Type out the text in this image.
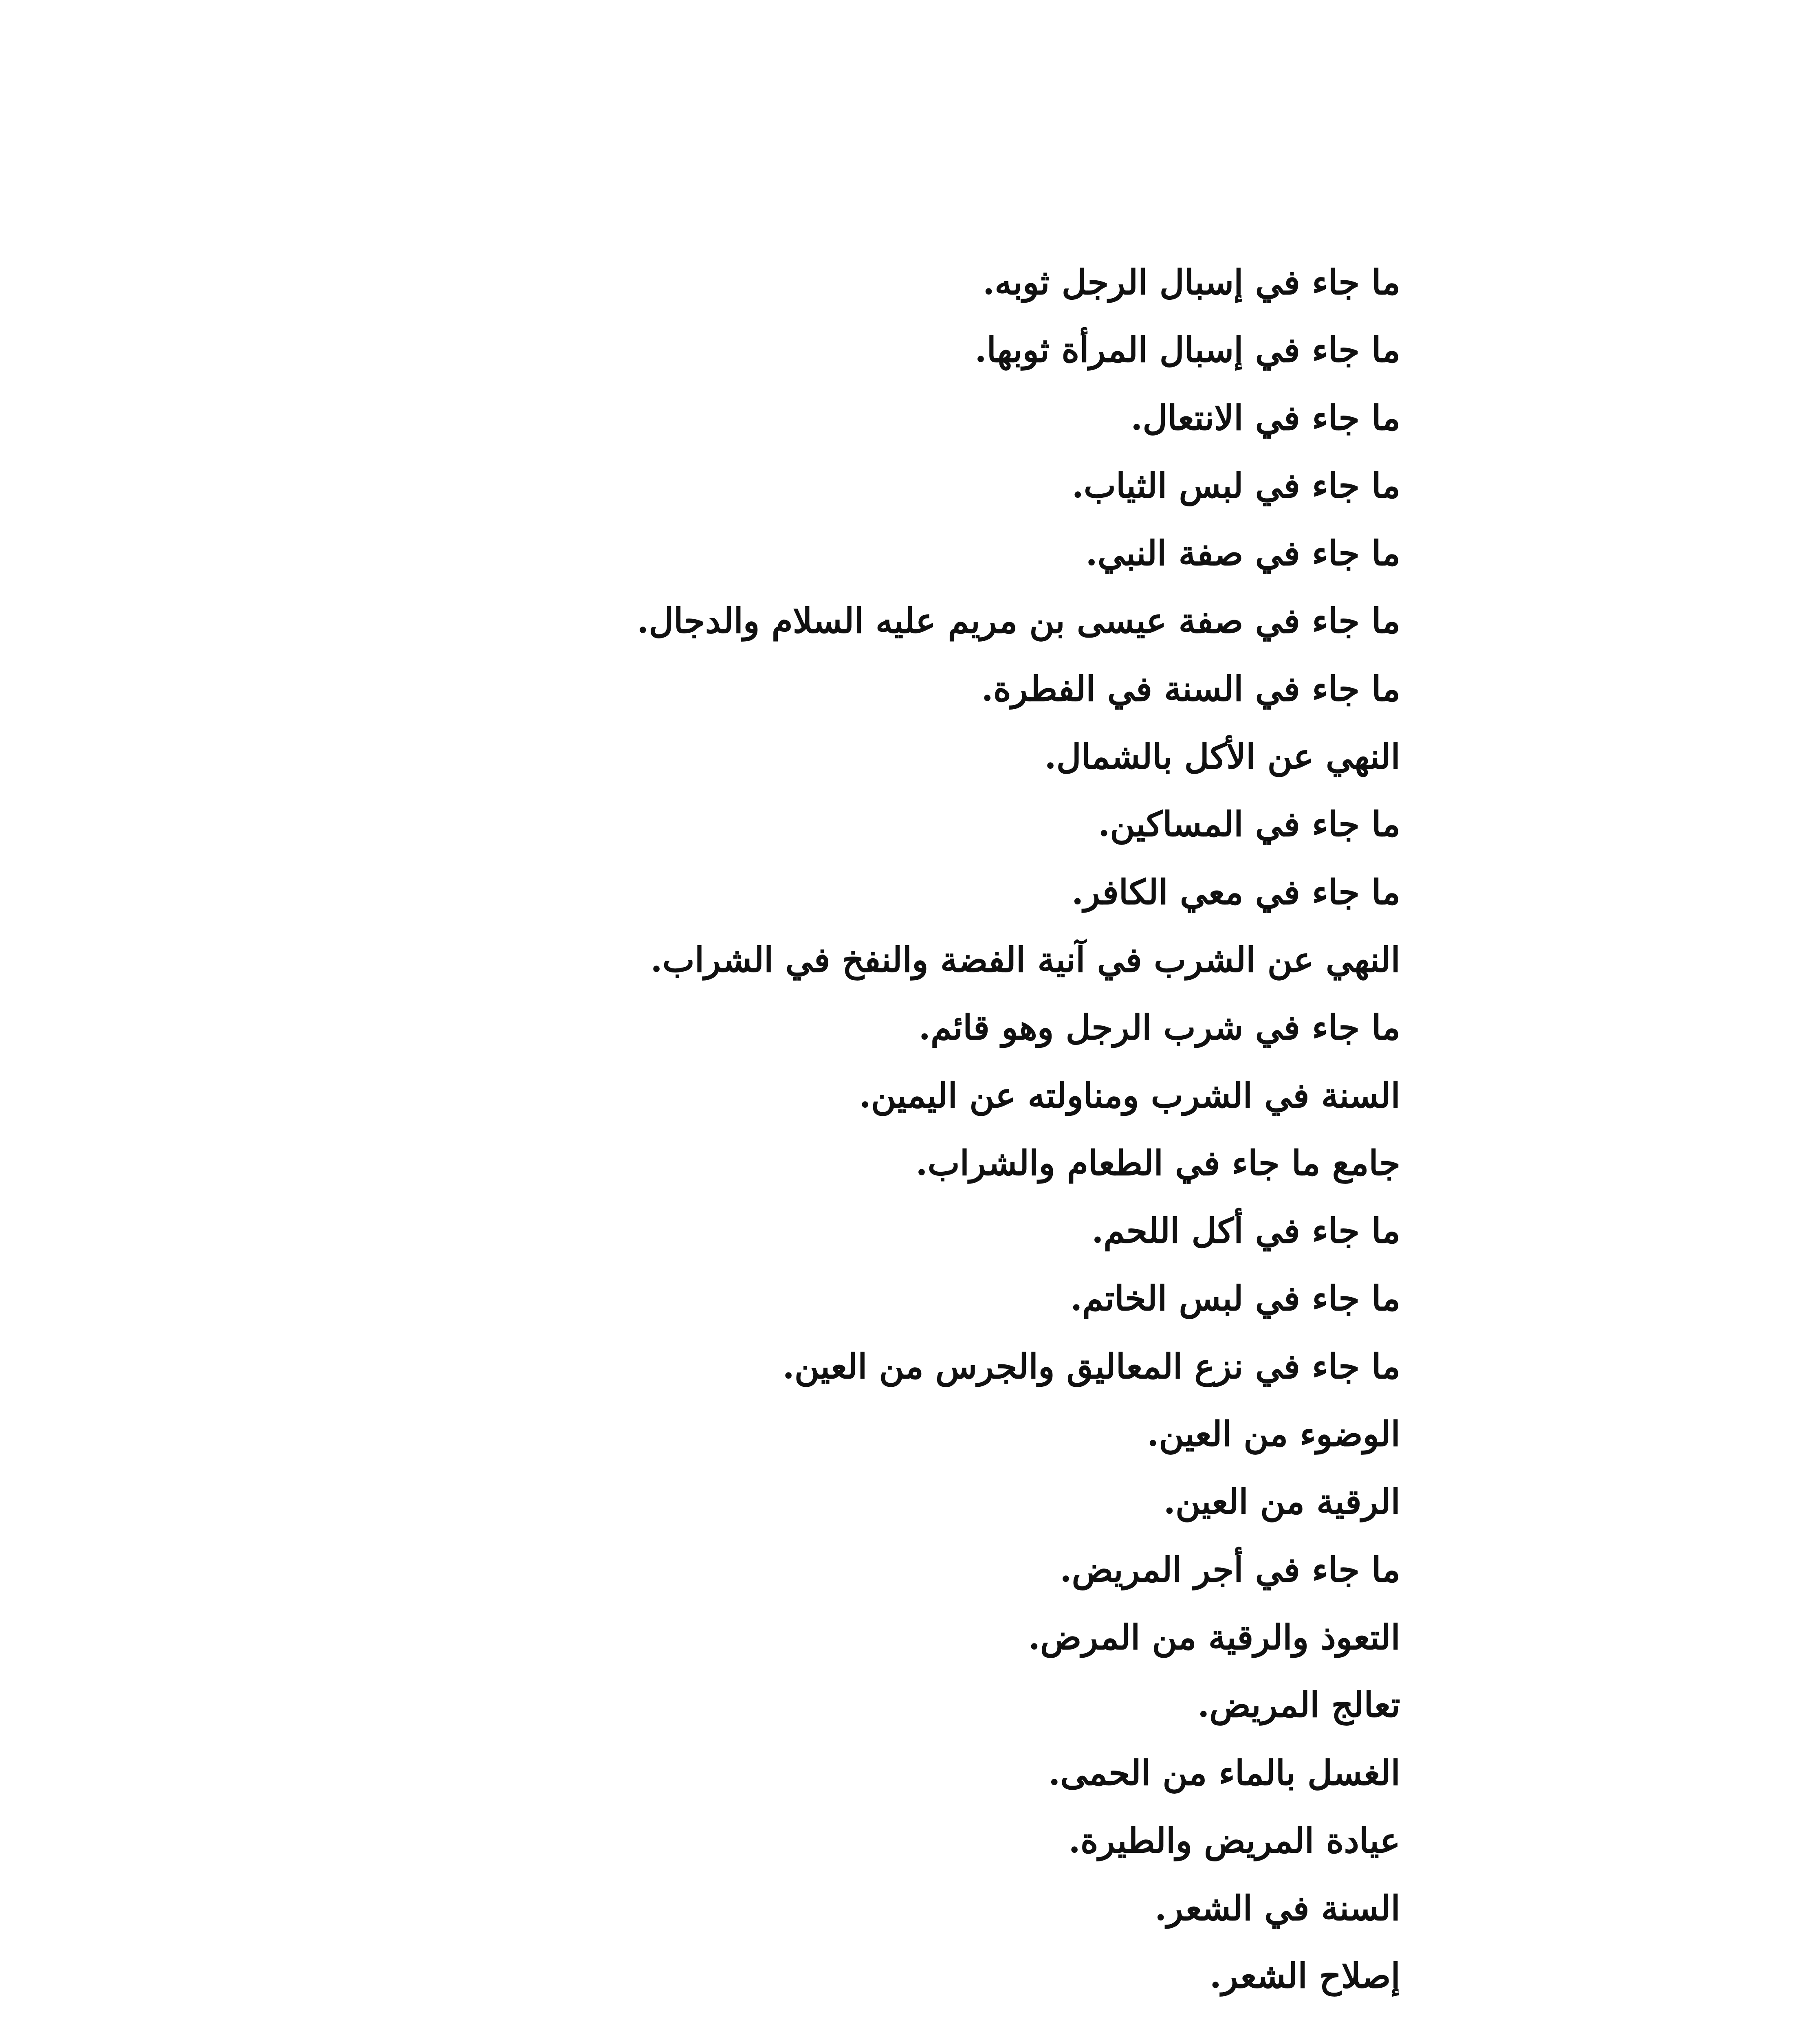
ما جاء في إسبال الرجل ثوبه.
ما جاء في إسبال المرأة ثوبها.
ما جاء في الانتعال.
ما جاء في لبس الثياب.
ما جاء في صفة النبي.
ما جاء في صفة عيسى بن مريم عليه السلام والدجال.
ما جاء في السنة في الفطرة.
النهي عن الأكل بالشمال.
ما جاء في المساكين.
ما جاء في معي الكافر.
النهي عن الشرب في آنية الفضة والنفخ في الشراب.
ما جاء في شرب الرجل وهو قائم.
السنة في الشرب ومناولته عن اليمين.
جامع ما جاء في الطعام والشراب.
ما جاء في أكل اللحم.
ما جاء في لبس الخاتم.
ما جاء في نزع المعاليق والجرس من العين.
الوضوء من العين.
الرقية من العين.
ما جاء في أجر المريض.
التعوذ والرقية من المرض.
تعالج المريض.
الغسل بالماء من الحمى.
عيادة المريض والطيرة.
السنة في الشعر.
إصلاح الشعر.
